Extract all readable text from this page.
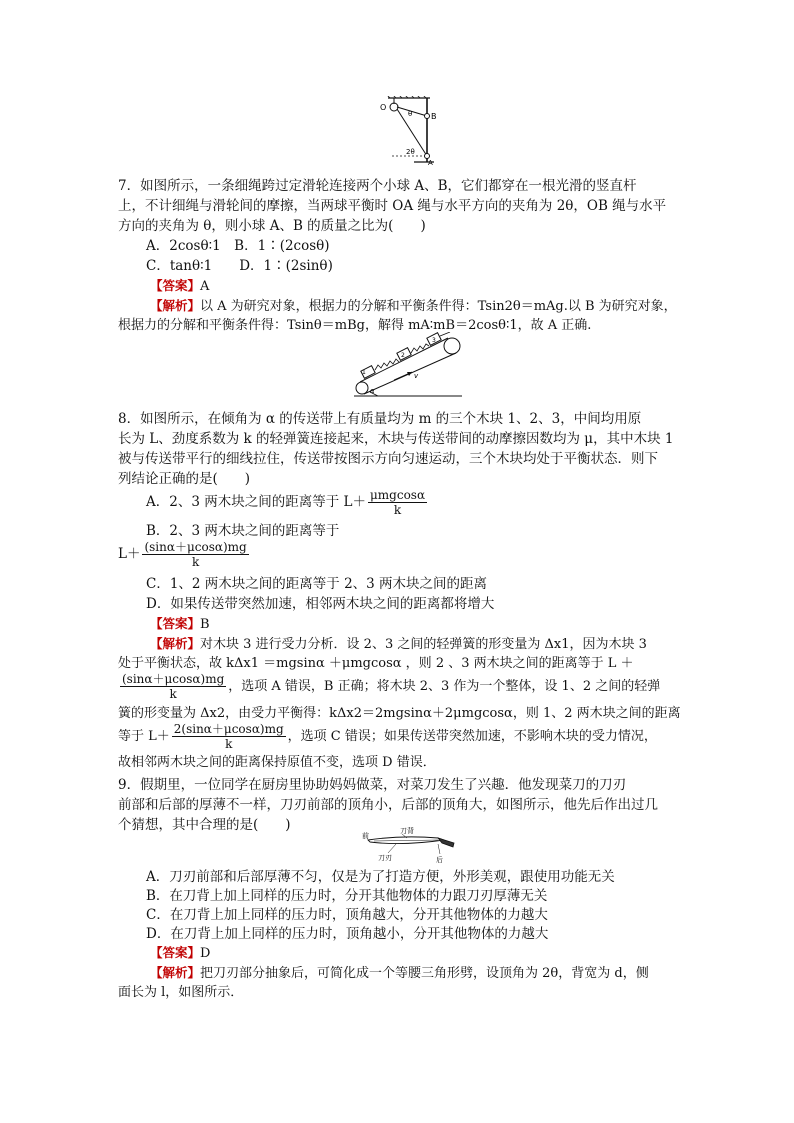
O
θ B
2θ
A
7．如图所示，一条细绳跨过定滑轮连接两个小球 A、B，它们都穿在一根光滑的竖直杆
上，不计细绳与滑轮间的摩擦，当两球平衡时 OA 绳与水平方向的夹角为 2θ，OB 绳与水平
方向的夹角为 θ，则小球 A、B 的质量之比为(　　)
A．2cosθ∶1　B．1∶(2cosθ)
C．tanθ∶1　　D．1∶(2sinθ)
【答案】A
【解析】以 A 为研究对象，根据力的分解和平衡条件得：Tsin2θ＝mAg.以 B 为研究对象，
根据力的分解和平衡条件得：Tsinθ＝mBg，解得 mA∶mB＝2cosθ∶1，故 A 正确.
1
2
3
v
α
8．如图所示，在倾角为 α 的传送带上有质量均为 m 的三个木块 1、2、3，中间均用原
长为 L、劲度系数为 k 的轻弹簧连接起来，木块与传送带间的动摩擦因数均为 μ，其中木块 1
被与传送带平行的细线拉住，传送带按图示方向匀速运动，三个木块均处于平衡状态．则下
列结论正确的是(　　)
A．2、3 两木块之间的距离等于 $L+ \frac{\text{μmgcosα}}{k}$
B．2、3 两木块之间的距离等于
$L+ \frac{(\sin\alpha+\mu\cos\alpha)mg}{k}$
C．1、2 两木块之间的距离等于 2、3 两木块之间的距离
D．如果传送带突然加速，相邻两木块之间的距离都将增大
【答案】B
【解析】对木块 3 进行受力分析．设 2、3 之间的轻弹簧的形变量为 Δx1，因为木块 3
处于平衡状态，故 kΔx1 ＝mgsinα ＋μmgcosα ，则 2 、3 两木块之间的距离等于 L ＋
$\frac{(\sin\alpha+\mu\cos\alpha)mg}{k}$ ，选项 A 错误，B 正确；将木块 2、3 作为一个整体，设 1、2 之间的轻弹
簧的形变量为 Δx2，由受力平衡得：kΔx2＝2mgsinα＋2μmgcosα，则 1、2 两木块之间的距离
等于 $L+ \frac{2(\sin\alpha+\mu\cos\alpha)mg}{k}$ ，选项 C 错误；如果传送带突然加速，不影响木块的受力情况，
故相邻两木块之间的距离保持原值不变，选项 D 错误．
9．假期里，一位同学在厨房里协助妈妈做菜，对菜刀发生了兴趣．他发现菜刀的刀刃
前部和后部的厚薄不一样，刀刃前部的顶角小，后部的顶角大，如图所示，他先后作出过几
个猜想，其中合理的是(　　)	刀背
前
刀刃	后
A．刀刃前部和后部厚薄不匀，仅是为了打造方便，外形美观，跟使用功能无关
B．在刀背上加上同样的压力时，分开其他物体的力跟刀刃厚薄无关
C．在刀背上加上同样的压力时，顶角越大，分开其他物体的力越大
D．在刀背上加上同样的压力时，顶角越小，分开其他物体的力越大
【答案】D
【解析】把刀刃部分抽象后，可简化成一个等腰三角形劈，设顶角为 2θ，背宽为 d，侧
面长为 l，如图所示．
